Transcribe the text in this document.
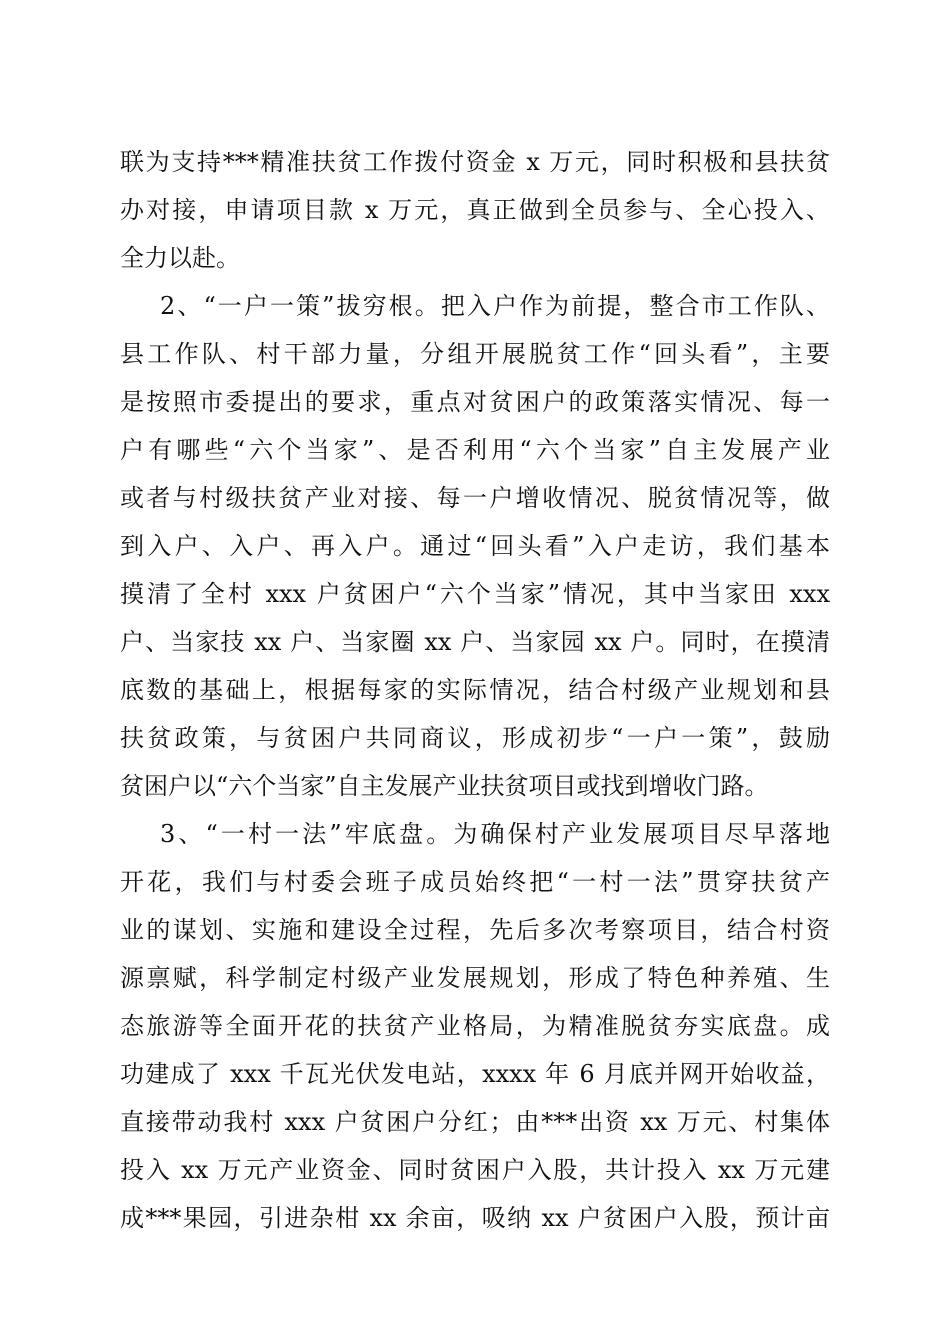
联为支持***精准扶贫工作拨付资金 x 万元，同时积极和县扶贫
办对接，申请项目款 x 万元，真正做到全员参与、全心投入、
全力以赴。
2、“一户一策”拔穷根。把入户作为前提，整合市工作队、
县工作队、村干部力量，分组开展脱贫工作“回头看”，主要
是按照市委提出的要求，重点对贫困户的政策落实情况、每一
户有哪些“六个当家”、是否利用“六个当家”自主发展产业
或者与村级扶贫产业对接、每一户增收情况、脱贫情况等，做
到入户、入户、再入户。通过“回头看”入户走访，我们基本
摸清了全村 xxx 户贫困户“六个当家”情况，其中当家田 xxx
户、当家技 xx 户、当家圈 xx 户、当家园 xx 户。同时，在摸清
底数的基础上，根据每家的实际情况，结合村级产业规划和县
扶贫政策，与贫困户共同商议，形成初步“一户一策”，鼓励
贫困户以“六个当家”自主发展产业扶贫项目或找到增收门路。
3、“一村一法”牢底盘。为确保村产业发展项目尽早落地
开花，我们与村委会班子成员始终把“一村一法”贯穿扶贫产
业的谋划、实施和建设全过程，先后多次考察项目，结合村资
源禀赋，科学制定村级产业发展规划，形成了特色种养殖、生
态旅游等全面开花的扶贫产业格局，为精准脱贫夯实底盘。成
功建成了 xxx 千瓦光伏发电站，xxxx 年 6 月底并网开始收益，
直接带动我村 xxx 户贫困户分红；由***出资 xx 万元、村集体
投入 xx 万元产业资金、同时贫困户入股，共计投入 xx 万元建
成***果园，引进杂柑 xx 余亩，吸纳 xx 户贫困户入股，预计亩
